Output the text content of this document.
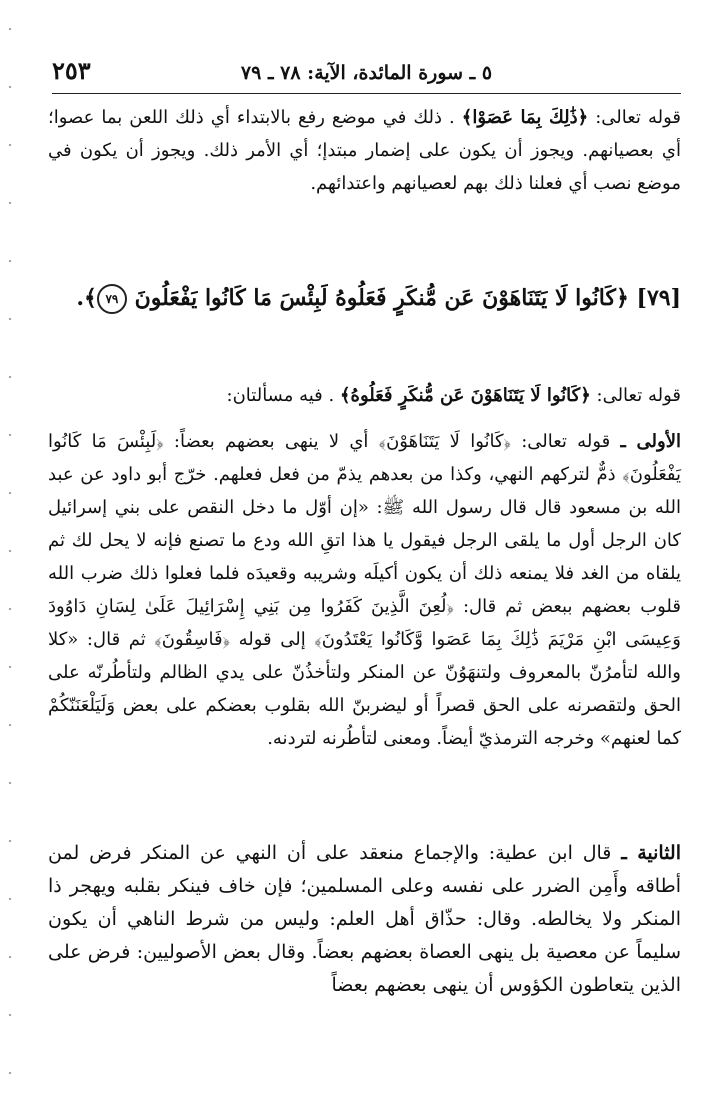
٢٥٣	٥ ـ سورة المائدة، الآية: ٧٨ ـ ٧٩

قوله تعالى: ﴿ذَٰلِكَ بِمَا عَصَوْا﴾ . ذلك في موضع رفع بالابتداء أي ذلك اللعن بما عصوا؛ أي بعصيانهم. ويجوز أن يكون على إضمار مبتدإ؛ أي الأمر ذلك. ويجوز أن يكون في موضع نصب أي فعلنا ذلك بهم لعصيانهم واعتدائهم.

[٧٩] ﴿كَانُوا لَا يَتَنَاهَوْنَ عَن مُّنكَرٍ فَعَلُوهُ لَبِئْسَ مَا كَانُوا يَفْعَلُونَ ٧٩﴾.

قوله تعالى: ﴿كَانُوا لَا يَتَنَاهَوْنَ عَن مُّنكَرٍ فَعَلُوهُ﴾ . فيه مسألتان:

الأولى ـ قوله تعالى: ﴿كَانُوا لَا يَتَنَاهَوْنَ﴾ أي لا ينهى بعضهم بعضاً: ﴿لَبِئْسَ مَا كَانُوا يَفْعَلُونَ﴾ ذمٌّ لتركهم النهي، وكذا من بعدهم يذمّ من فعل فعلهم. خرّج أبو داود عن عبد الله بن مسعود قال قال رسول الله ﷺ: «إن أوّل ما دخل النقص على بني إسرائيل كان الرجل أول ما يلقى الرجل فيقول يا هذا اتقِ الله ودع ما تصنع فإنه لا يحل لك ثم يلقاه من الغد فلا يمنعه ذلك أن يكون أكيلَه وشريبه وقعيدَه فلما فعلوا ذلك ضرب الله قلوب بعضهم ببعض ثم قال: ﴿لُعِنَ الَّذِينَ كَفَرُوا مِن بَنِي إِسْرَائِيلَ عَلَىٰ لِسَانِ دَاوُودَ وَعِيسَى ابْنِ مَرْيَمَ ذَٰلِكَ بِمَا عَصَوا وَّكَانُوا يَعْتَدُونَ﴾ إلى قوله ﴿فَاسِقُونَ﴾ ثم قال: «كلا والله لتأمرُنّ بالمعروف ولتنهَوُنّ عن المنكر ولتأخذُنّ على يدي الظالم ولتأطُرنّه على الحق ولتقصرنه على الحق قصراً أو ليضربنّ الله بقلوب بعضكم على بعض وَلَيَلْعَنَنّكُمْ كما لعنهم» وخرجه الترمذيّ أيضاً. ومعنى لتأطُرنه لتردنه.

الثانية ـ قال ابن عطية: والإجماع منعقد على أن النهي عن المنكر فرض لمن أطاقه وأَمِن الضرر على نفسه وعلى المسلمين؛ فإن خاف فينكر بقلبه ويهجر ذا المنكر ولا يخالطه. وقال: حذّاق أهل العلم: وليس من شرط الناهي أن يكون سليماً عن معصية بل ينهى العصاة بعضهم بعضاً. وقال بعض الأصوليين: فرض على الذين يتعاطون الكؤوس أن ينهى بعضهم بعضاً
